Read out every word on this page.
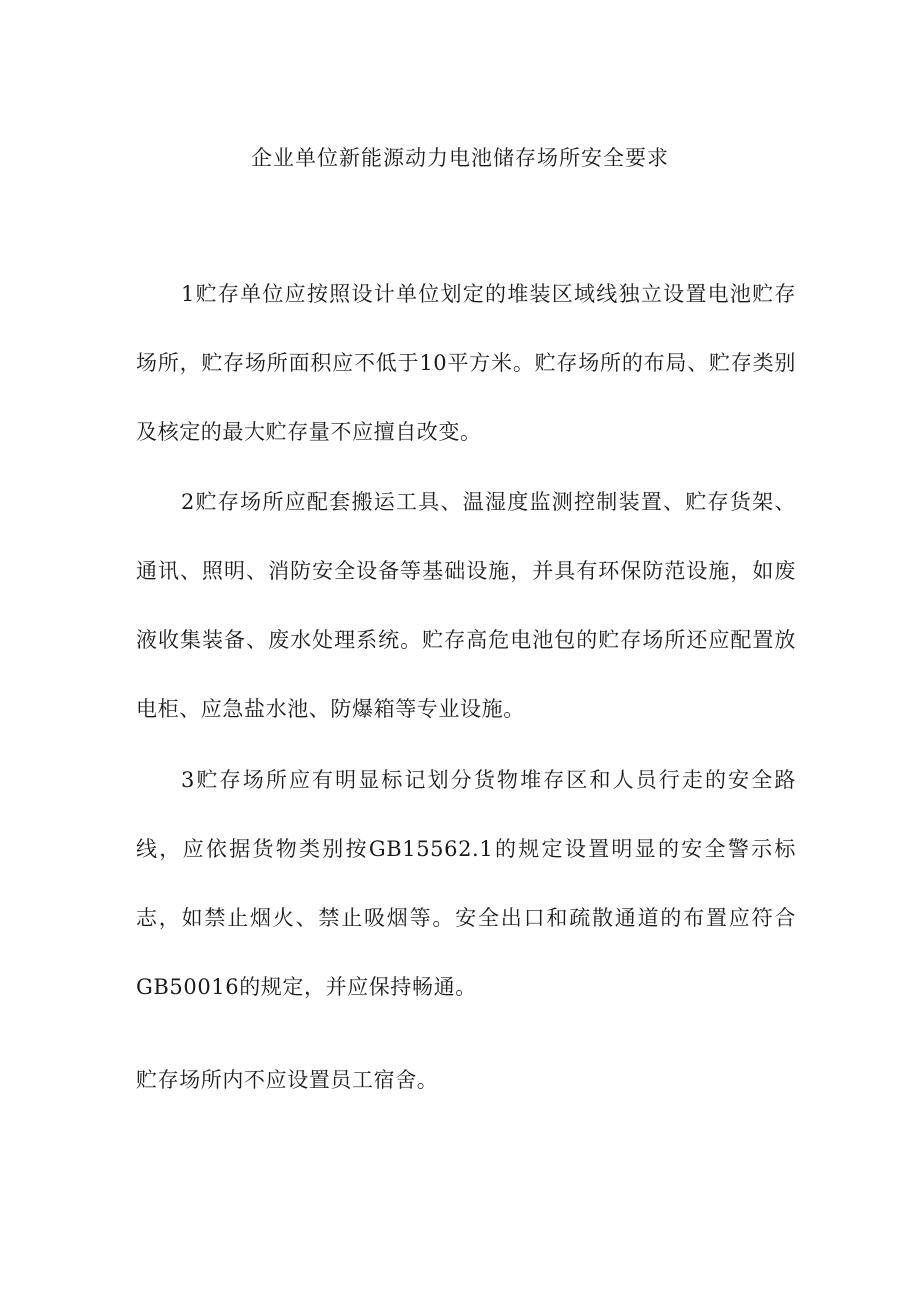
企业单位新能源动力电池储存场所安全要求

1贮存单位应按照设计单位划定的堆装区域线独立设置电池贮存场所，贮存场所面积应不低于10平方米。贮存场所的布局、贮存类别及核定的最大贮存量不应擅自改变。

2贮存场所应配套搬运工具、温湿度监测控制装置、贮存货架、通讯、照明、消防安全设备等基础设施，并具有环保防范设施，如废液收集装备、废水处理系统。贮存高危电池包的贮存场所还应配置放电柜、应急盐水池、防爆箱等专业设施。

3贮存场所应有明显标记划分货物堆存区和人员行走的安全路线，应依据货物类别按GB15562.1的规定设置明显的安全警示标志，如禁止烟火、禁止吸烟等。安全出口和疏散通道的布置应符合GB50016的规定，并应保持畅通。

贮存场所内不应设置员工宿舍。
